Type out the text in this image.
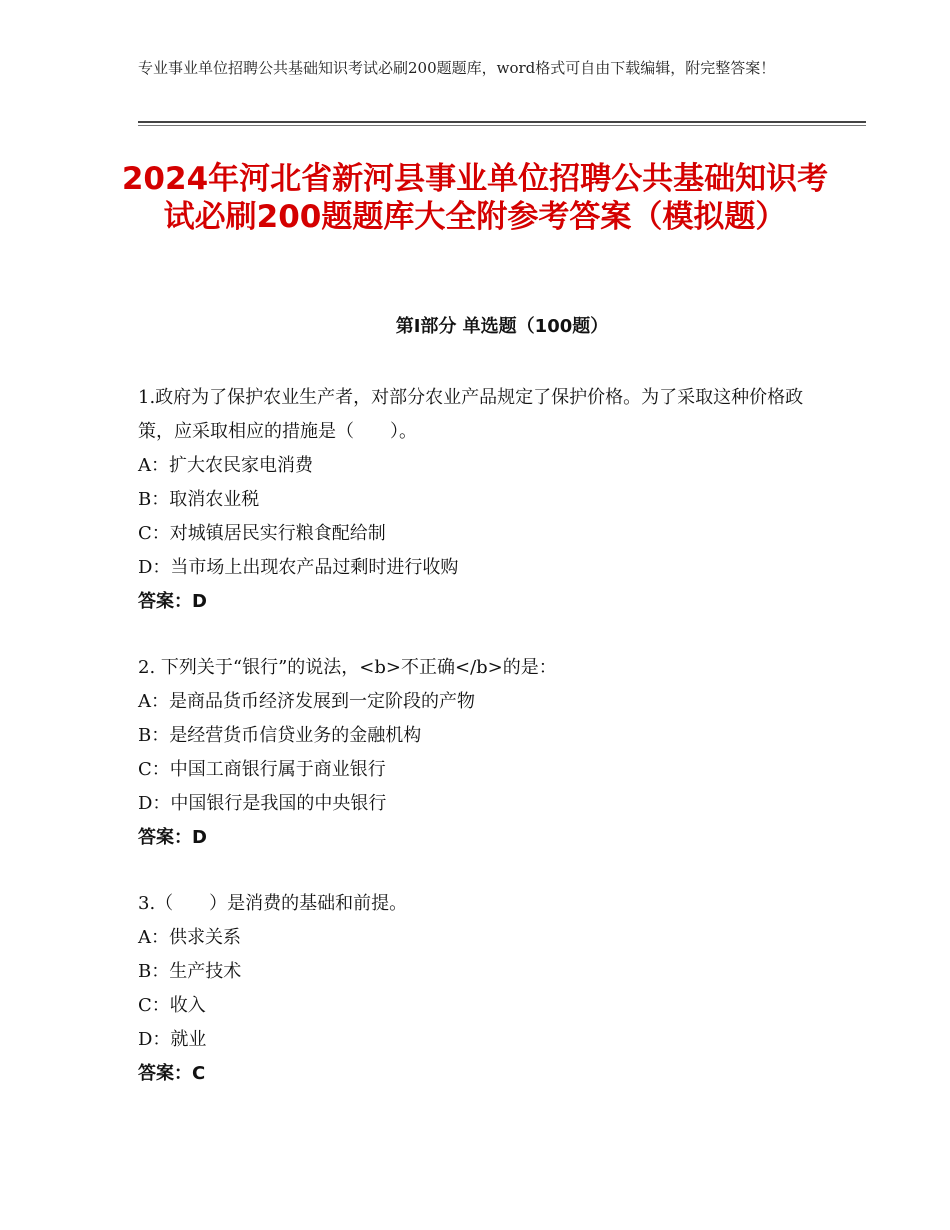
专业事业单位招聘公共基础知识考试必刷200题题库，word格式可自由下载编辑，附完整答案！
2024年河北省新河县事业单位招聘公共基础知识考试必刷200题题库大全附参考答案（模拟题）
第Ⅰ部分 单选题（100题）
1.政府为了保护农业生产者，对部分农业产品规定了保护价格。为了采取这种价格政策，应采取相应的措施是（　　）。
A：扩大农民家电消费
B：取消农业税
C：对城镇居民实行粮食配给制
D：当市场上出现农产品过剩时进行收购
答案：D
2. 下列关于“银行”的说法，<b>不正确</b>的是：
A：是商品货币经济发展到一定阶段的产物
B：是经营货币信贷业务的金融机构
C：中国工商银行属于商业银行
D：中国银行是我国的中央银行
答案：D
3.（　　）是消费的基础和前提。
A：供求关系
B：生产技术
C：收入
D：就业
答案：C
